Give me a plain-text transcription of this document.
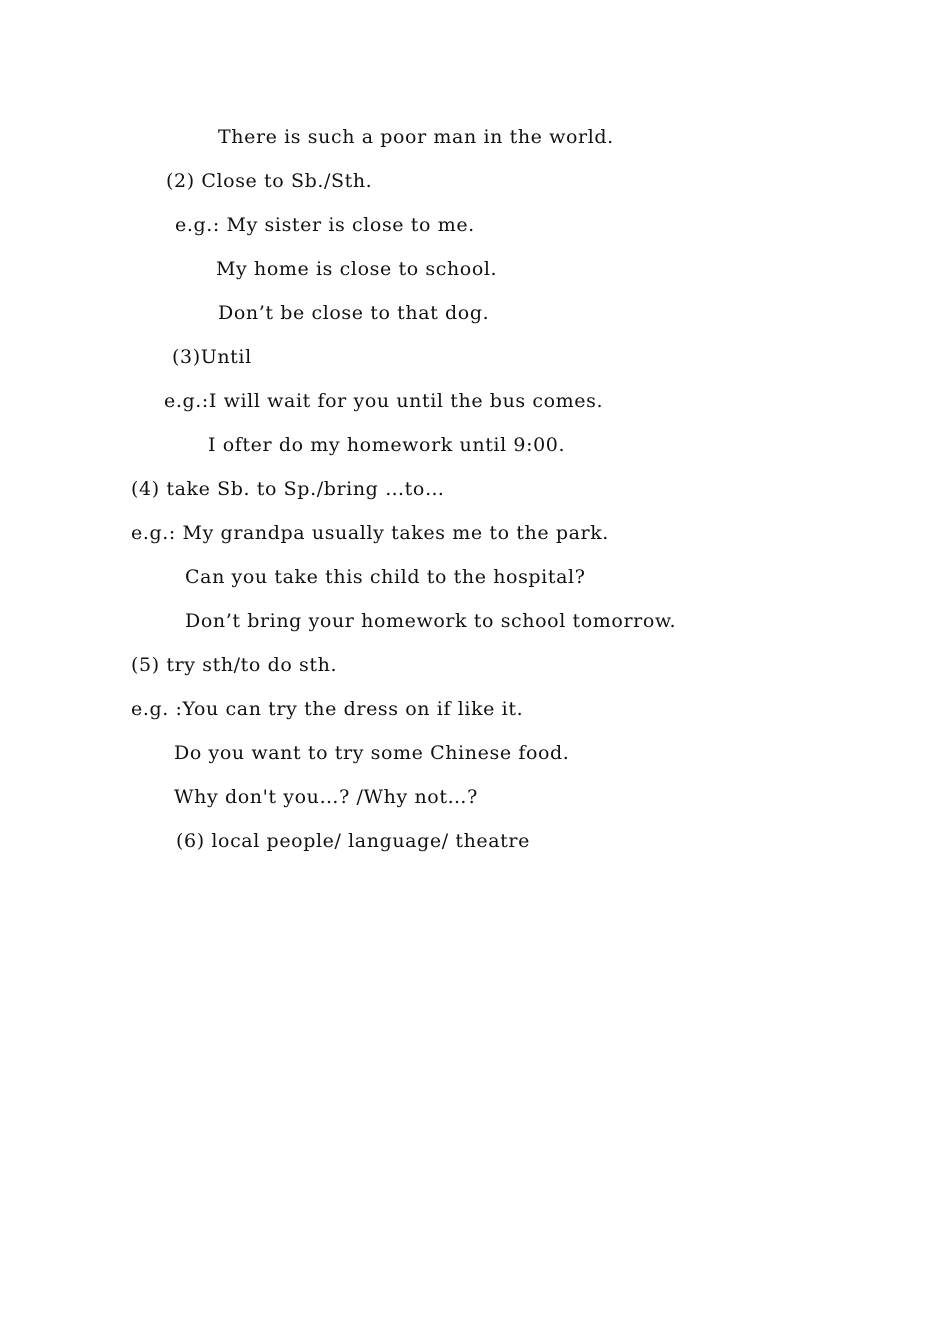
There is such a poor man in the world.
(2) Close to Sb./Sth.
e.g.: My sister is close to me.
My home is close to school.
Don’t be close to that dog.
(3)Until
e.g.:I will wait for you until the bus comes.
I ofter do my homework until 9:00.
(4) take Sb. to Sp./bring …to…
e.g.: My grandpa usually takes me to the park.
Can you take this child to the hospital?
Don’t bring your homework to school tomorrow.
(5) try sth/to do sth.
e.g. :You can try the dress on if like it.
Do you want to try some Chinese food.
Why don't you…? /Why not…?
(6) local people/ language/ theatre
